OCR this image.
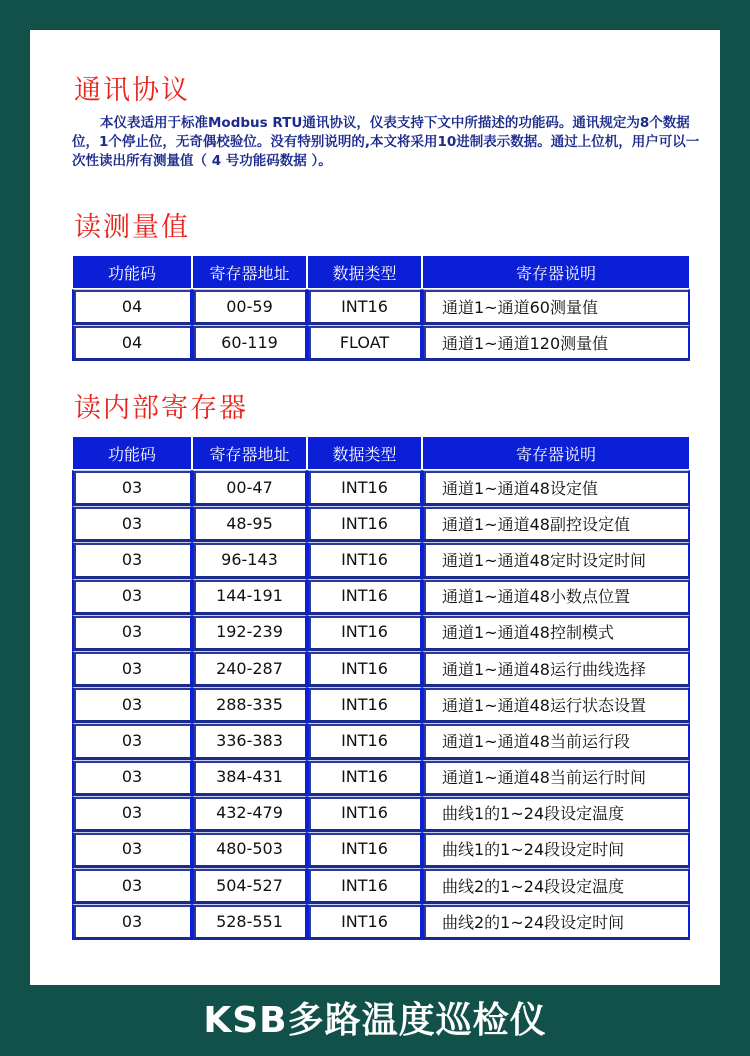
通讯协议

本仪表适用于标准Modbus RTU通讯协议，仪表支持下文中所描述的功能码。通讯规定为8个数据位，1个停止位，无奇偶校验位。没有特别说明的,本文将采用10进制表示数据。通过上位机，用户可以一次性读出所有测量值（ 4 号功能码数据 ）。

读测量值
功能码	寄存器地址	数据类型	寄存器说明
04	00-59	INT16	通道1~通道60测量值
04	60-119	FLOAT	通道1~通道120测量值
读内部寄存器
功能码	寄存器地址	数据类型	寄存器说明
03	00-47	INT16	通道1~通道48设定值
03	48-95	INT16	通道1~通道48副控设定值
03	96-143	INT16	通道1~通道48定时设定时间
03	144-191	INT16	通道1~通道48小数点位置
03	192-239	INT16	通道1~通道48控制模式
03	240-287	INT16	通道1~通道48运行曲线选择
03	288-335	INT16	通道1~通道48运行状态设置
03	336-383	INT16	通道1~通道48当前运行段
03	384-431	INT16	通道1~通道48当前运行时间
03	432-479	INT16	曲线1的1~24段设定温度
03	480-503	INT16	曲线1的1~24段设定时间
03	504-527	INT16	曲线2的1~24段设定温度
03	528-551	INT16	曲线2的1~24段设定时间
KSB多路温度巡检仪
